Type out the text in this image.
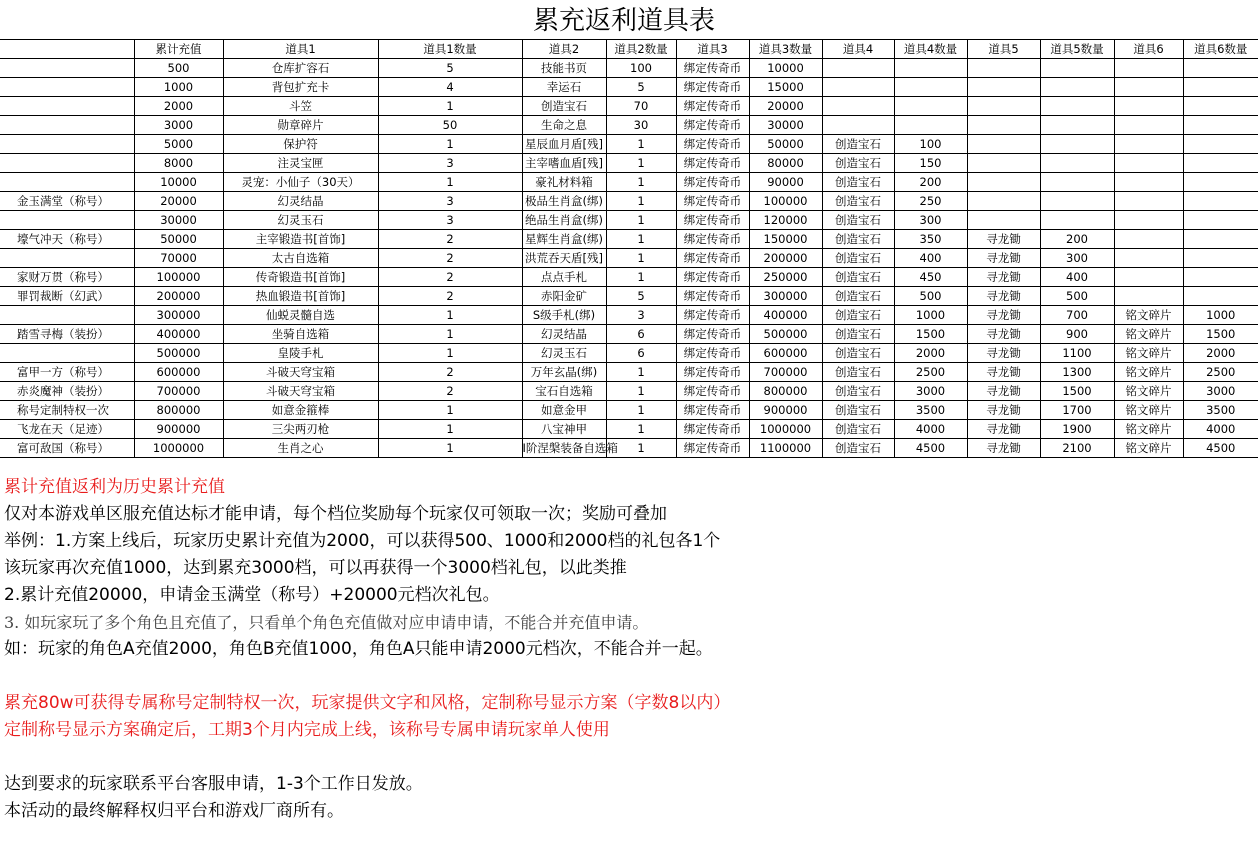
累充返利道具表
	累计充值	道具1	道具1数量	道具2	道具2数量	道具3	道具3数量	道具4	道具4数量	道具5	道具5数量	道具6	道具6数量
	500	仓库扩容石	5	技能书页	100	绑定传奇币	10000						
	1000	背包扩充卡	4	幸运石	5	绑定传奇币	15000						
	2000	斗笠	1	创造宝石	70	绑定传奇币	20000						
	3000	勋章碎片	50	生命之息	30	绑定传奇币	30000						
	5000	保护符	1	星辰血月盾[残]	1	绑定传奇币	50000	创造宝石	100				
	8000	注灵宝匣	3	主宰嗜血盾[残]	1	绑定传奇币	80000	创造宝石	150				
	10000	灵宠：小仙子（30天）	1	豪礼材料箱	1	绑定传奇币	90000	创造宝石	200				
金玉满堂（称号）	20000	幻灵结晶	3	极品生肖盒(绑)	1	绑定传奇币	100000	创造宝石	250				
	30000	幻灵玉石	3	绝品生肖盒(绑)	1	绑定传奇币	120000	创造宝石	300				
壕气冲天（称号）	50000	主宰锻造书[首饰]	2	星辉生肖盒(绑)	1	绑定传奇币	150000	创造宝石	350	寻龙锄	200		
	70000	太古自选箱	2	洪荒吞天盾[残]	1	绑定传奇币	200000	创造宝石	400	寻龙锄	300		
家财万贯（称号）	100000	传奇锻造书[首饰]	2	点点手札	1	绑定传奇币	250000	创造宝石	450	寻龙锄	400		
罪罚裁断（幻武）	200000	热血锻造书[首饰]	2	赤阳金矿	5	绑定传奇币	300000	创造宝石	500	寻龙锄	500		
	300000	仙蜕灵髓自选	1	S级手札(绑)	3	绑定传奇币	400000	创造宝石	1000	寻龙锄	700	铭文碎片	1000
踏雪寻梅（装扮）	400000	坐骑自选箱	1	幻灵结晶	6	绑定传奇币	500000	创造宝石	1500	寻龙锄	900	铭文碎片	1500
	500000	皇陵手札	1	幻灵玉石	6	绑定传奇币	600000	创造宝石	2000	寻龙锄	1100	铭文碎片	2000
富甲一方（称号）	600000	斗破天穹宝箱	2	万年玄晶(绑)	1	绑定传奇币	700000	创造宝石	2500	寻龙锄	1300	铭文碎片	2500
赤炎魔神（装扮）	700000	斗破天穹宝箱	2	宝石自选箱	1	绑定传奇币	800000	创造宝石	3000	寻龙锄	1500	铭文碎片	3000
称号定制特权一次	800000	如意金箍棒	1	如意金甲	1	绑定传奇币	900000	创造宝石	3500	寻龙锄	1700	铭文碎片	3500
飞龙在天（足迹）	900000	三尖两刃枪	1	八宝神甲	1	绑定传奇币	1000000	创造宝石	4000	寻龙锄	1900	铭文碎片	4000
富可敌国（称号）	1000000	生肖之心	1	Ⅰ阶涅槃装备自选箱	1	绑定传奇币	1100000	创造宝石	4500	寻龙锄	2100	铭文碎片	4500
累计充值返利为历史累计充值
仅对本游戏单区服充值达标才能申请，每个档位奖励每个玩家仅可领取一次；奖励可叠加
举例：1.方案上线后，玩家历史累计充值为2000，可以获得500、1000和2000档的礼包各1个
该玩家再次充值1000，达到累充3000档，可以再获得一个3000档礼包，以此类推
2.累计充值20000，申请金玉满堂（称号）+20000元档次礼包。
3. 如玩家玩了多个角色且充值了，只看单个角色充值做对应申请申请，不能合并充值申请。
如：玩家的角色A充值2000，角色B充值1000，角色A只能申请2000元档次，不能合并一起。
累充80w可获得专属称号定制特权一次，玩家提供文字和风格，定制称号显示方案（字数8以内）
定制称号显示方案确定后，工期3个月内完成上线，该称号专属申请玩家单人使用
达到要求的玩家联系平台客服申请，1-3个工作日发放。
本活动的最终解释权归平台和游戏厂商所有。
